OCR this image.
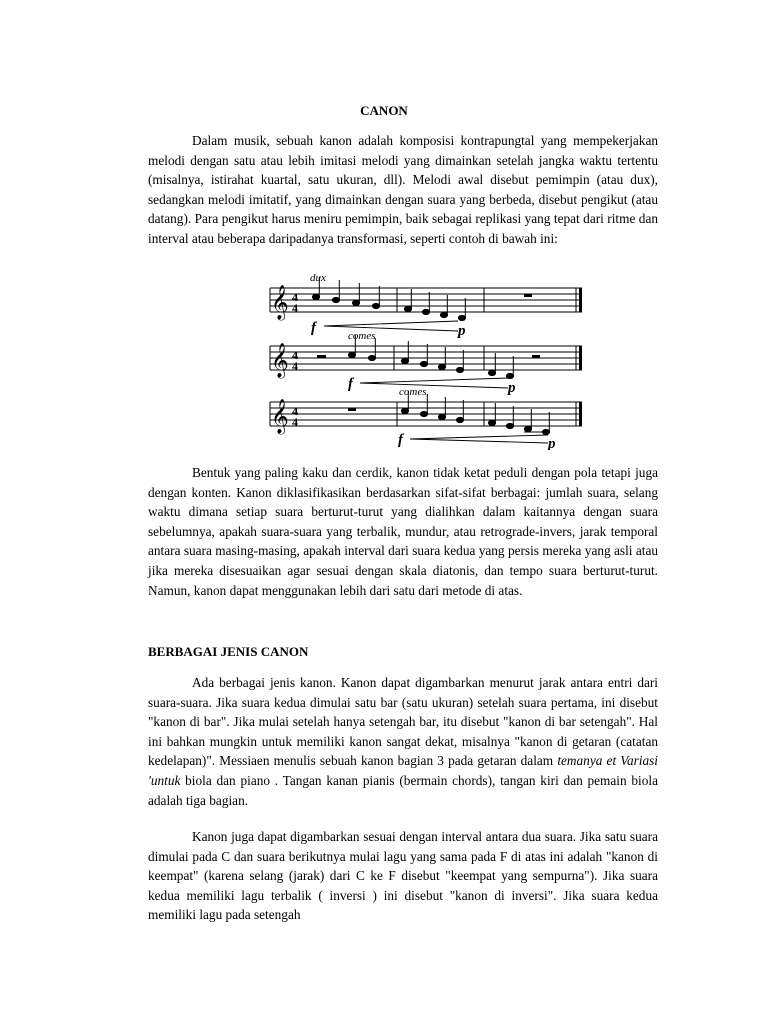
CANON

Dalam musik, sebuah kanon adalah komposisi kontrapungtal yang mempekerjakan melodi dengan satu atau lebih imitasi melodi yang dimainkan setelah jangka waktu tertentu (misalnya, istirahat kuartal, satu ukuran, dll). Melodi awal disebut pemimpin (atau dux), sedangkan melodi imitatif, yang dimainkan dengan suara yang berbeda, disebut pengikut (atau datang). Para pengikut harus meniru pemimpin, baik sebagai replikasi yang tepat dari ritme dan interval atau beberapa daripadanya transformasi, seperti contoh di bawah ini:

𝄞 4
4
dux
f	p
𝄞 4
4
comes
f	p
𝄞 4
4
comes
f	p

Bentuk yang paling kaku dan cerdik, kanon tidak ketat peduli dengan pola tetapi juga dengan konten. Kanon diklasifikasikan berdasarkan sifat-sifat berbagai: jumlah suara, selang waktu dimana setiap suara berturut-turut yang dialihkan dalam kaitannya dengan suara sebelumnya, apakah suara-suara yang terbalik, mundur, atau retrograde-invers, jarak temporal antara suara masing-masing, apakah interval dari suara kedua yang persis mereka yang asli atau jika mereka disesuaikan agar sesuai dengan skala diatonis, dan tempo suara berturut-turut. Namun, kanon dapat menggunakan lebih dari satu dari metode di atas.

BERBAGAI JENIS CANON

Ada berbagai jenis kanon. Kanon dapat digambarkan menurut jarak antara entri dari suara-suara. Jika suara kedua dimulai satu bar (satu ukuran) setelah suara pertama, ini disebut "kanon di bar". Jika mulai setelah hanya setengah bar, itu disebut "kanon di bar setengah". Hal ini bahkan mungkin untuk memiliki kanon sangat dekat, misalnya "kanon di getaran (catatan kedelapan)". Messiaen menulis sebuah kanon bagian 3 pada getaran dalam temanya et Variasi 'untuk biola dan piano . Tangan kanan pianis (bermain chords), tangan kiri dan pemain biola adalah tiga bagian.

Kanon juga dapat digambarkan sesuai dengan interval antara dua suara. Jika satu suara dimulai pada C dan suara berikutnya mulai lagu yang sama pada F di atas ini adalah "kanon di keempat" (karena selang (jarak) dari C ke F disebut "keempat yang sempurna"). Jika suara kedua memiliki lagu terbalik ( inversi ) ini disebut "kanon di inversi". Jika suara kedua memiliki lagu pada setengah
